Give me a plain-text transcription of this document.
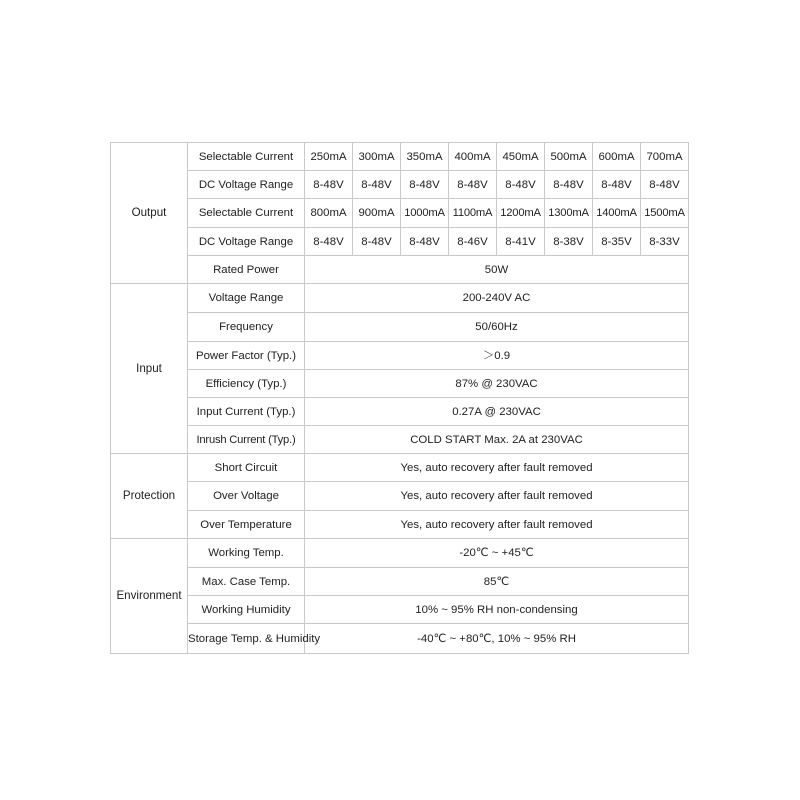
Output	Selectable Current	250mA	300mA	350mA	400mA	450mA	500mA	600mA	700mA
	DC Voltage Range	8-48V	8-48V	8-48V	8-48V	8-48V	8-48V	8-48V	8-48V
	Selectable Current	800mA	900mA	1000mA	1100mA	1200mA	1300mA	1400mA	1500mA
	DC Voltage Range	8-48V	8-48V	8-48V	8-46V	8-41V	8-38V	8-35V	8-33V
	Rated Power	50W							
Input	Voltage Range	200-240V AC							
	Frequency	50/60Hz							
	Power Factor (Typ.)	＞0.9							
	Efficiency (Typ.)	87% @ 230VAC							
	Input Current (Typ.)	0.27A @ 230VAC							
	Inrush Current (Typ.)	COLD START Max. 2A at 230VAC							
Protection	Short Circuit	Yes, auto recovery after fault removed							
	Over Voltage	Yes, auto recovery after fault removed							
	Over Temperature	Yes, auto recovery after fault removed							
Environment	Working Temp.	-20℃ ~ +45℃							
	Max. Case Temp.	85℃							
	Working Humidity	10% ~ 95% RH non-condensing							
	Storage Temp. & Humidity	-40℃ ~ +80℃, 10% ~ 95% RH							
